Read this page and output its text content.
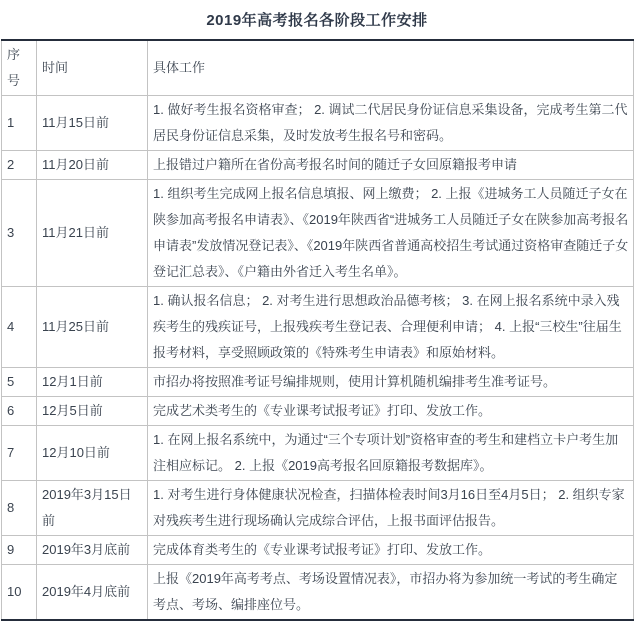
2019年高考报名各阶段工作安排
序号	时间	具体工作
1	11月15日前	1. 做好考生报名资格审查； 2. 调试二代居民身份证信息采集设备，完成考生第二代居民身份证信息采集，及时发放考生报名号和密码。
2	11月20日前	上报错过户籍所在省份高考报名时间的随迁子女回原籍报考申请
3	11月21日前	1. 组织考生完成网上报名信息填报、网上缴费； 2. 上报《进城务工人员随迁子女在陕参加高考报名申请表》、《2019年陕西省“进城务工人员随迁子女在陕参加高考报名申请表”发放情况登记表》、《2019年陕西省普通高校招生考试通过资格审查随迁子女登记汇总表》、《户籍由外省迁入考生名单》。
4	11月25日前	1. 确认报名信息； 2. 对考生进行思想政治品德考核； 3. 在网上报名系统中录入残疾考生的残疾证号，上报残疾考生登记表、合理便利申请； 4. 上报“三校生”往届生报考材料，享受照顾政策的《特殊考生申请表》和原始材料。
5	12月1日前	市招办将按照准考证号编排规则，使用计算机随机编排考生准考证号。
6	12月5日前	完成艺术类考生的《专业课考试报考证》打印、发放工作。
7	12月10日前	1. 在网上报名系统中，为通过“三个专项计划”资格审查的考生和建档立卡户考生加注相应标记。 2. 上报《2019高考报名回原籍报考数据库》。
8	2019年3月15日前	1. 对考生进行身体健康状况检查，扫描体检表时间3月16日至4月5日； 2. 组织专家对残疾考生进行现场确认完成综合评估，上报书面评估报告。
9	2019年3月底前	完成体育类考生的《专业课考试报考证》打印、发放工作。
10	2019年4月底前	上报《2019年高考考点、考场设置情况表》，市招办将为参加统一考试的考生确定考点、考场、编排座位号。
